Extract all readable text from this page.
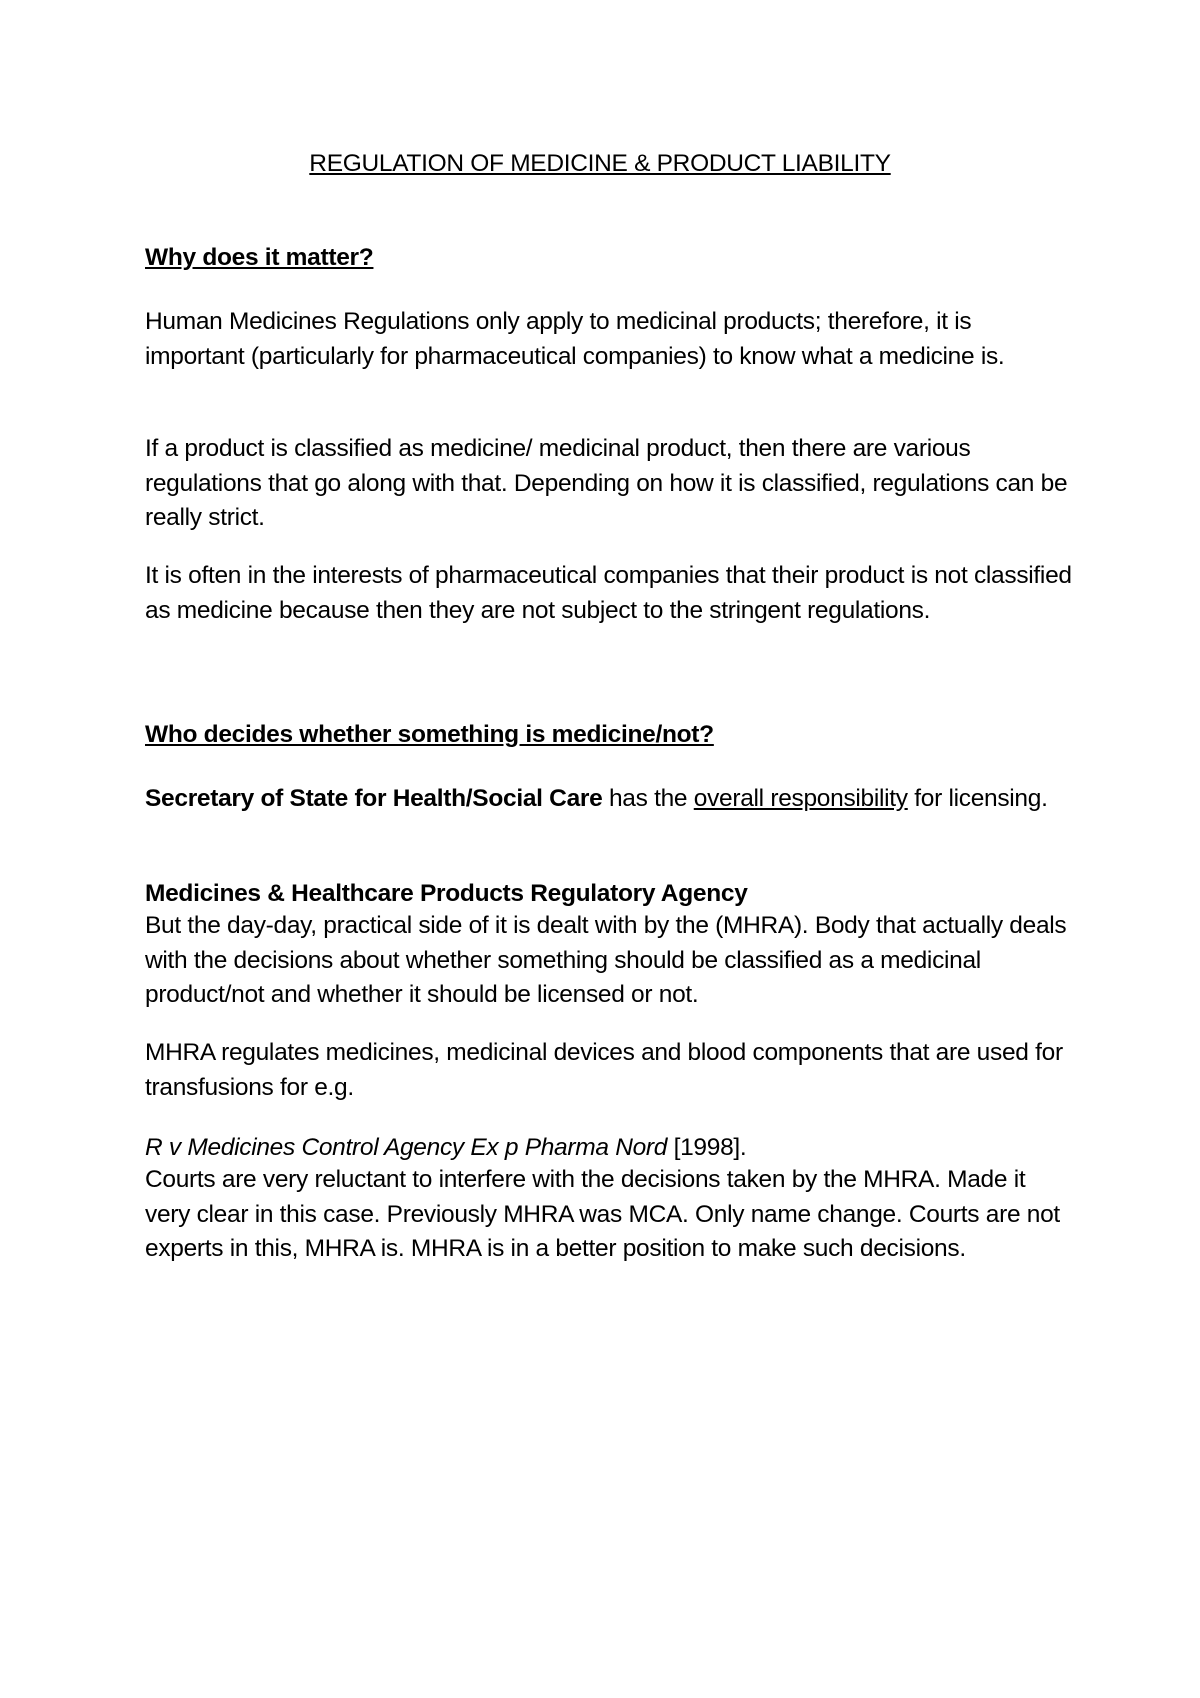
REGULATION OF MEDICINE & PRODUCT LIABILITY

Why does it matter?

Human Medicines Regulations only apply to medicinal products; therefore, it is important (particularly for pharmaceutical companies) to know what a medicine is.

If a product is classified as medicine/ medicinal product, then there are various regulations that go along with that. Depending on how it is classified, regulations can be really strict.

It is often in the interests of pharmaceutical companies that their product is not classified as medicine because then they are not subject to the stringent regulations.

Who decides whether something is medicine/not?

Secretary of State for Health/Social Care has the overall responsibility for licensing.

Medicines & Healthcare Products Regulatory Agency

But the day-day, practical side of it is dealt with by the (MHRA). Body that actually deals with the decisions about whether something should be classified as a medicinal product/not and whether it should be licensed or not.

MHRA regulates medicines, medicinal devices and blood components that are used for transfusions for e.g.

R v Medicines Control Agency Ex p Pharma Nord [1998].

Courts are very reluctant to interfere with the decisions taken by the MHRA. Made it very clear in this case. Previously MHRA was MCA. Only name change. Courts are not experts in this, MHRA is. MHRA is in a better position to make such decisions.
